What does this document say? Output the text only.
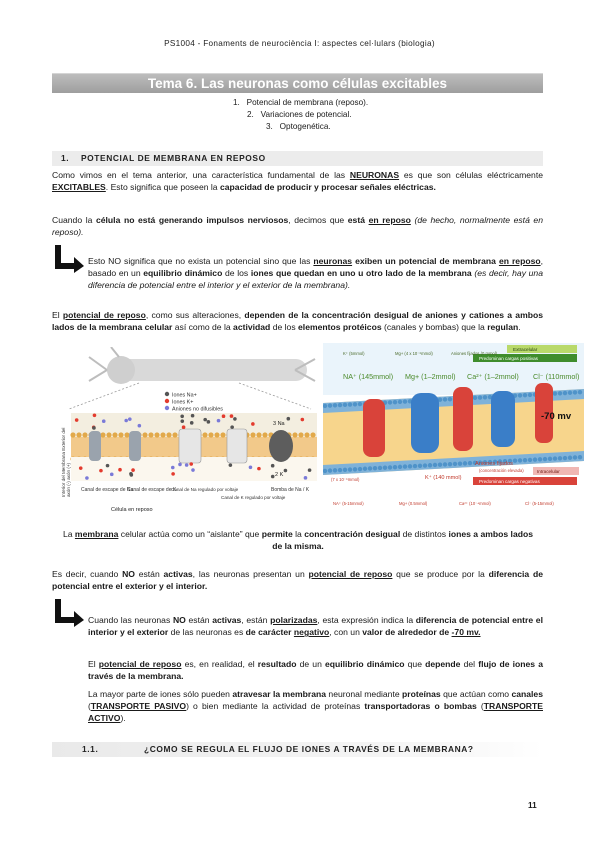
PS1004 - Fonaments de neurociència I: aspectes cel·lulars (biologia)
Tema 6. Las neuronas como células excitables
1. Potencial de membrana (reposo).
2. Variaciones de potencial.
3. Optogenética.
1. POTENCIAL DE MEMBRANA EN REPOSO
Como vimos en el tema anterior, una característica fundamental de las NEURONAS es que son células eléctricamente EXCITABLES. Esto significa que poseen la capacidad de producir y procesar señales eléctricas.
Cuando la célula no está generando impulsos nerviosos, decimos que está en reposo (de hecho, normalmente está en reposo).
Esto NO significa que no exista un potencial sino que las neuronas exiben un potencial de membrana en reposo, basado en un equilibrio dinámico de los iones que quedan en uno u otro lado de la membrana (es decir, hay una diferencia de potencial entre el interior y el exterior de la membrana).
El potencial de reposo, como sus alteraciones, dependen de la concentración desigual de aniones y cationes a ambos lados de la membrana celular así como de la actividad de los elementos protéicos (canales y bombas) que la regulan.
Iones Na+
Iones K+
Aniones no difusibles
3 Na
2 K
Interior del Membrana Exterior del axón (-) axón (+) Canal de escape de Na
Canal de escape de K
Canal de Na regulado por voltaje
Canal de K regulado por voltaje
Bomba de Na / K
Célula en reposo
Extracelular
Predominan cargas positivas
K⁺ (5mmol)	Mg+ (4 x 10⁻⁶mmol)	Aniones fijados (0 mmol)
NA⁺ (145mmol) Mg+ (1–2mmol) Ca²⁺ (1–2mmol) Cl⁻ (110mmol)
-70 mv
Aniones fijados
(concentración elevada)	Intracelular
Predominan cargas negativas
K⁺ (140 mmol)
(7 x 10⁻⁶mmol)
NA⁺ (5-15mmol)	Mg+ (0.5mmol)	Ca²⁺ (10⁻⁴mmol)	Cl⁻ (5-15mmol)
La membrana celular actúa como un “aislante” que permite la concentración desigual de distintos iones a ambos lados de la misma.
Es decir, cuando NO están activas, las neuronas presentan un potencial de reposo que se produce por la diferencia de potencial entre el exterior y el interior.
Cuando las neuronas NO están activas, están polarizadas, esta expresión indica la diferencia de potencial entre el interior y el exterior de las neuronas es de carácter negativo, con un valor de alrededor de -70 mv.
El potencial de reposo es, en realidad, el resultado de un equilibrio dinámico que depende del flujo de iones a través de la membrana.
La mayor parte de iones sólo pueden atravesar la membrana neuronal mediante proteínas que actúan como canales (TRANSPORTE PASIVO) o bien mediante la actividad de proteínas transportadoras o bombas (TRANSPORTE ACTIVO).
1.1.	¿COMO SE REGULA EL FLUJO DE IONES A TRAVÉS DE LA MEMBRANA?
11
